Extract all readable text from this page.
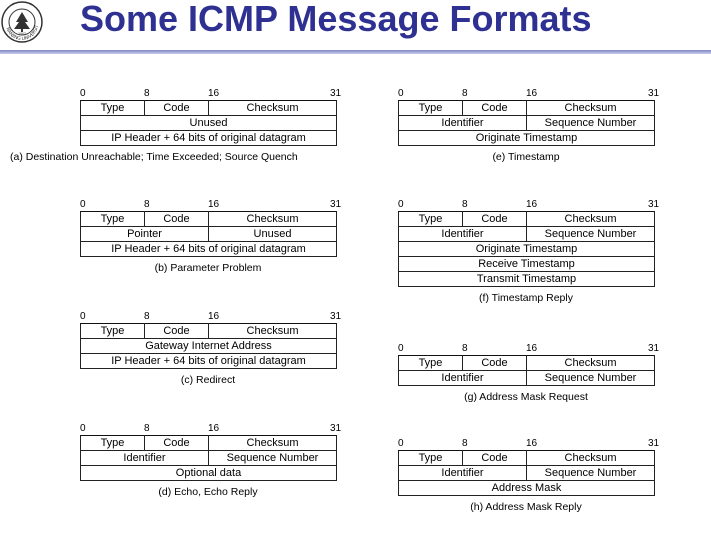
NANJING UNIVERSIT
1902 Some ICMP Message Formats
0	8	16	31
Type	Code	Checksum
Unused
IP Header + 64 bits of original datagram
(a) Destination Unreachable; Time Exceeded; Source Quench
0	8	16	31
Type	Code	Checksum
Pointer		Unused
IP Header + 64 bits of original datagram		
(b) Parameter Problem
0	8	16	31
Type	Code	Checksum
Gateway Internet Address
IP Header + 64 bits of original datagram
(c) Redirect
0	8	16	31
Type	Code	Checksum
Identifier		Sequence Number
Optional data		
(d) Echo, Echo Reply
0	8	16	31
Type	Code	Checksum
Identifier		Sequence Number
Originate Timestamp		
(e) Timestamp
0	8	16	31
Type	Code	Checksum
Identifier		Sequence Number
Originate Timestamp		
Receive Timestamp		
Transmit Timestamp		
(f) Timestamp Reply
0	8	16	31
Type	Code	Checksum
Identifier		Sequence Number
(g) Address Mask Request
0	8	16	31
Type	Code	Checksum
Identifier		Sequence Number
Address Mask		
(h) Address Mask Reply
